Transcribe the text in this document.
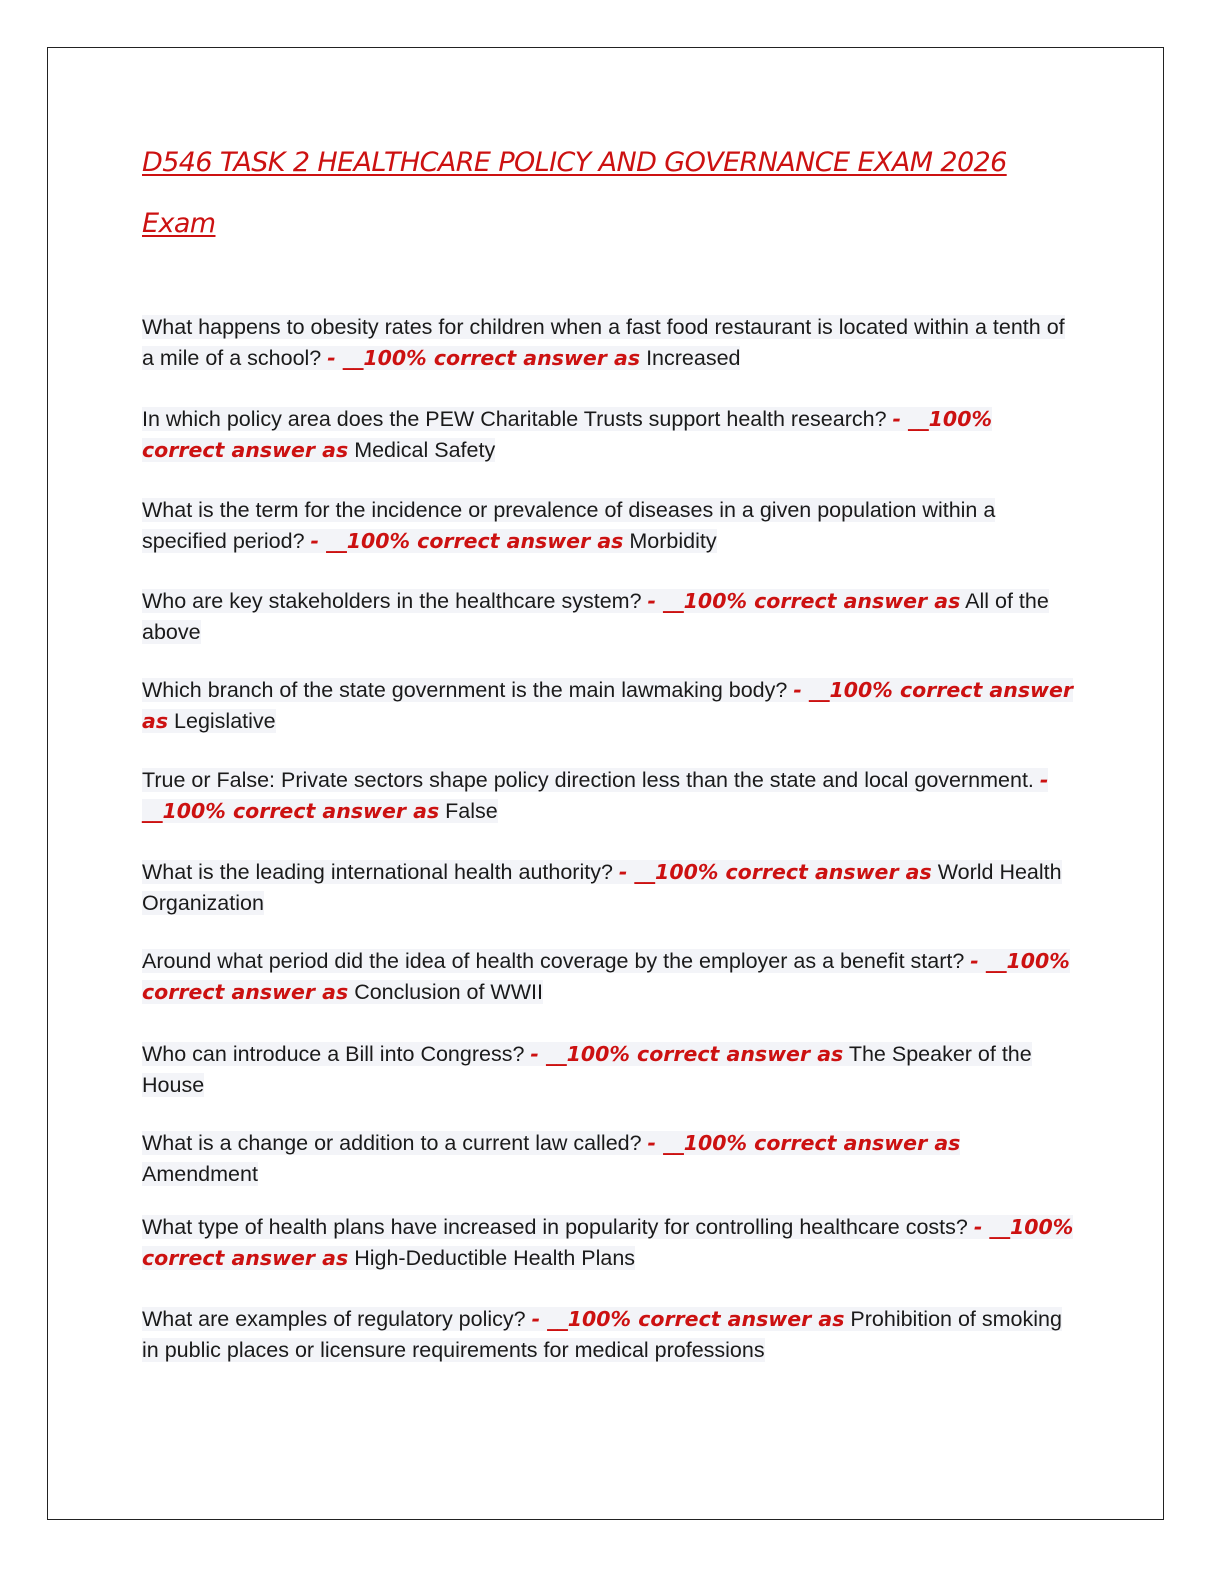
D546 TASK 2 HEALTHCARE POLICY AND GOVERNANCE EXAM 2026
Exam

What happens to obesity rates for children when a fast food restaurant is located within a tenth of a mile of a school? - __100% correct answer as Increased

In which policy area does the PEW Charitable Trusts support health research? - __100% correct answer as Medical Safety

What is the term for the incidence or prevalence of diseases in a given population within a specified period? - __100% correct answer as Morbidity

Who are key stakeholders in the healthcare system? - __100% correct answer as All of the above

Which branch of the state government is the main lawmaking body? - __100% correct answer as Legislative

True or False: Private sectors shape policy direction less than the state and local government. - __100% correct answer as False

What is the leading international health authority? - __100% correct answer as World Health Organization

Around what period did the idea of health coverage by the employer as a benefit start? - __100% correct answer as Conclusion of WWII

Who can introduce a Bill into Congress? - __100% correct answer as The Speaker of the House

What is a change or addition to a current law called? - __100% correct answer as Amendment

What type of health plans have increased in popularity for controlling healthcare costs? - __100% correct answer as High-Deductible Health Plans

What are examples of regulatory policy? - __100% correct answer as Prohibition of smoking in public places or licensure requirements for medical professions
